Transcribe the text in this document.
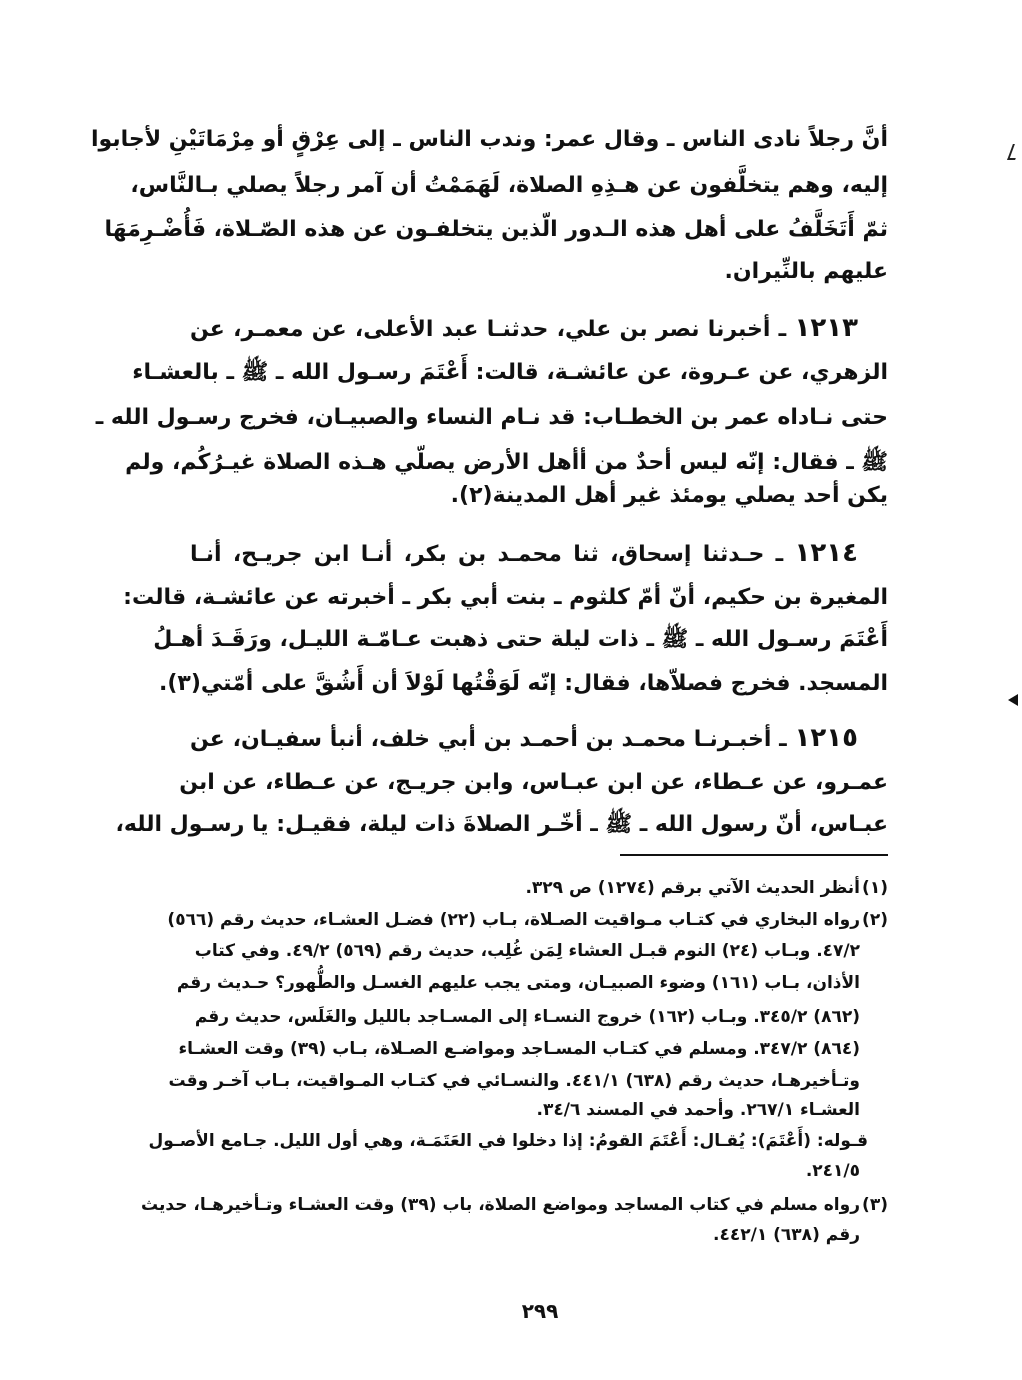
أنَّ رجلاً نادى الناس ـ وقال عمر: وندب الناس ـ إلى عِرْقٍ أو مِرْمَاتَيْنِ لأجابوا
إليه، وهم يتخلَّفون عن هـذِهِ الصلاة، لَهَمَمْتُ أن آمر رجلاً يصلي بـالنَّاس،
ثمّ أَتَخَلَّفُ على أهل هذه الـدور الّذين يتخلفـون عن هذه الصّـلاة، فَأُضْـرِمَهَا
عليهم بالنِّيران.
١٢١٣ ـ أخبرنا نصر بن علي، حدثنـا عبد الأعلى، عن معمـر، عن
الزهري، عن عـروة، عن عائشـة، قالت: أَعْتَمَ رسـول الله ـ ﷺ ـ بالعشـاء
حتى نـاداه عمر بن الخطـاب: قد نـام النساء والصبيـان، فخرج رسـول الله ـ
ﷺ ـ فقال: إنّه ليس أحدٌ من أأهل الأرض يصلّي هـذه الصلاة غيـرُكُم، ولم
يكن أحد يصلي يومئذ غير أهل المدينة(٢).
١٢١٤ ـ حـدثنا إسحاق، ثنا محمـد بن بكر، أنـا ابن جريـح، أنـا
المغيرة بن حكيم، أنّ أمّ كلثوم ـ بنت أبي بكر ـ أخبرته عن عائشـة، قالت:
أَعْتَمَ رسـول الله ـ ﷺ ـ ذات ليلة حتى ذهبت عـامّـة الليـل، ورَقَـدَ أهـلُ
المسجد. فخرج فصلاّها، فقال: إنّه لَوَقْتُها لَوْلاَ أن أَشُقَّ على أمّتي(٣).
١٢١٥ ـ أخبـرنـا محمـد بن أحمـد بن أبي خلف، أنبأ سفيـان، عن
عمـرو، عن عـطاء، عن ابن عبـاس، وابن جريـج، عن عـطاء، عن ابن
عبـاس، أنّ رسول الله ـ ﷺ ـ أخّـر الصلاةَ ذات ليلة، فقيـل: يا رسـول الله،
(١)
أنظر الحديث الآتي برقم (١٢٧٤) ص ٣٢٩.
(٢)
رواه البخاري في كتـاب مـواقيت الصـلاة، بـاب (٢٢) فضـل العشـاء، حديث رقم (٥٦٦)
٤٧/٢. وبـاب (٢٤) النوم قبـل العشاء لِمَن غُلِب، حديث رقم (٥٦٩) ٤٩/٢. وفي كتاب
الأذان، بـاب (١٦١) وضوء الصبيـان، ومتى يجب عليهم الغسـل والطُّهور؟ حـديث رقم
(٨٦٢) ٣٤٥/٢. وبـاب (١٦٢) خروج النسـاء إلى المسـاجد بالليل والغَلَس، حديث رقم
(٨٦٤) ٣٤٧/٢. ومسلم في كتـاب المسـاجد ومواضـع الصـلاة، بـاب (٣٩) وقت العشـاء
وتـأخيرهـا، حديث رقم (٦٣٨) ٤٤١/١. والنسـائي في كتـاب المـواقيت، بـاب آخـر وقت
العشـاء ٢٦٧/١. وأحمد في المسند ٣٤/٦.
قـوله: (أَعْتَمَ): يُقـال: أَعْتَمَ القومُ: إذا دخلوا في العَتَمَـة، وهي أول الليل. جـامع الأصـول
٢٤١/٥.
(٣)
رواه مسلم في كتاب المساجد ومواضع الصلاة، باب (٣٩) وقت العشـاء وتـأخيرهـا، حديث
رقم (٦٣٨) ٤٤٢/١.
٢٩٩
